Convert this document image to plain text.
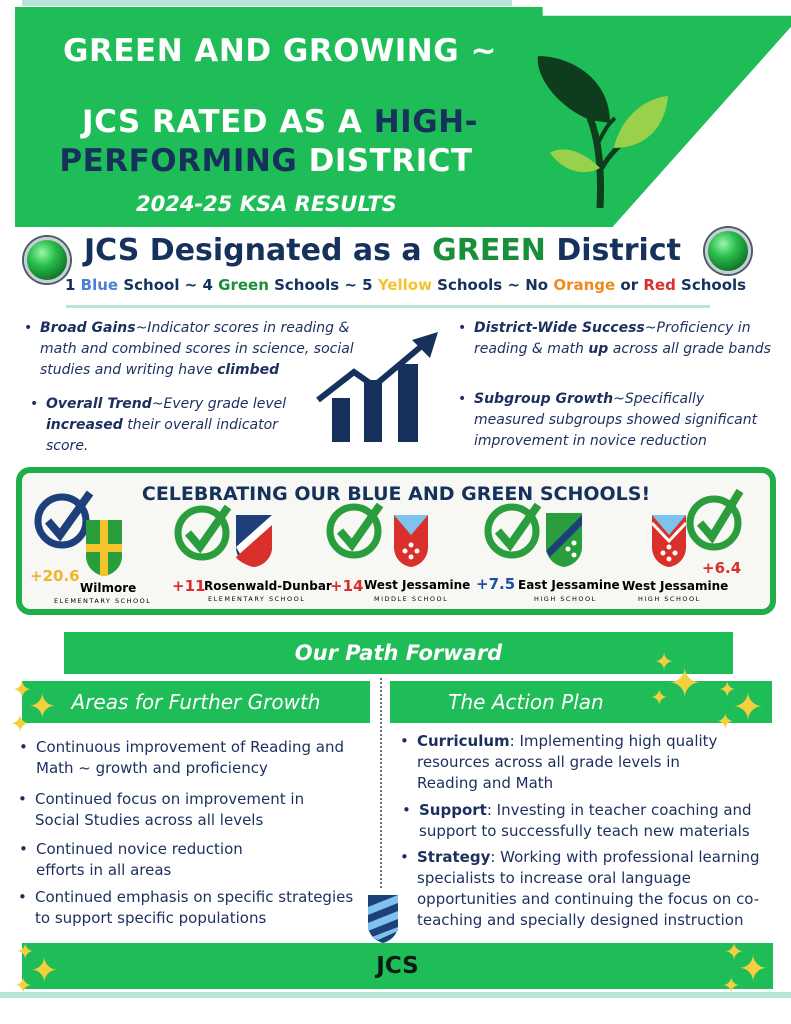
GREEN AND GROWING ~
JCS RATED AS A HIGH-
PERFORMING DISTRICT
2024-25 KSA RESULTS
JCS Designated as a GREEN District
1 Blue School ~ 4 Green Schools ~ 5 Yellow Schools ~ No Orange or Red Schools
• Broad Gains~Indicator scores in reading & math and combined scores in science, social studies and writing have climbed
• Overall Trend~Every grade level increased their overall indicator score.
• District-Wide Success~Proficiency in reading & math up across all grade bands
• Subgroup Growth~Specifically measured subgroups showed significant improvement in novice reduction
CELEBRATING OUR BLUE AND GREEN SCHOOLS!
+20.6
Wilmore
ELEMENTARY SCHOOL
+11
Rosenwald-Dunbar
ELEMENTARY SCHOOL
+14 West Jessamine
MIDDLE SCHOOL
+7.5 East Jessamine
HIGH SCHOOL
+6.4
West Jessamine
HIGH SCHOOL
Our Path Forward
Areas for Further Growth	The Action Plan
• Continuous improvement of Reading and Math ~ growth and proficiency
• Continued focus on improvement in Social Studies across all levels
• Continued novice reduction efforts in all areas
• Continued emphasis on specific strategies to support specific populations
• Curriculum: Implementing high quality resources across all grade levels in Reading and Math
• Support: Investing in teacher coaching and support to successfully teach new materials
• Strategy: Working with professional learning specialists to increase oral language opportunities and continuing the focus on co-teaching and specially designed instruction
JCS
✦
✦
✦
✦
✦
✦ ✦
✦
✦
✦
✦
✦
✦
✦
✦
